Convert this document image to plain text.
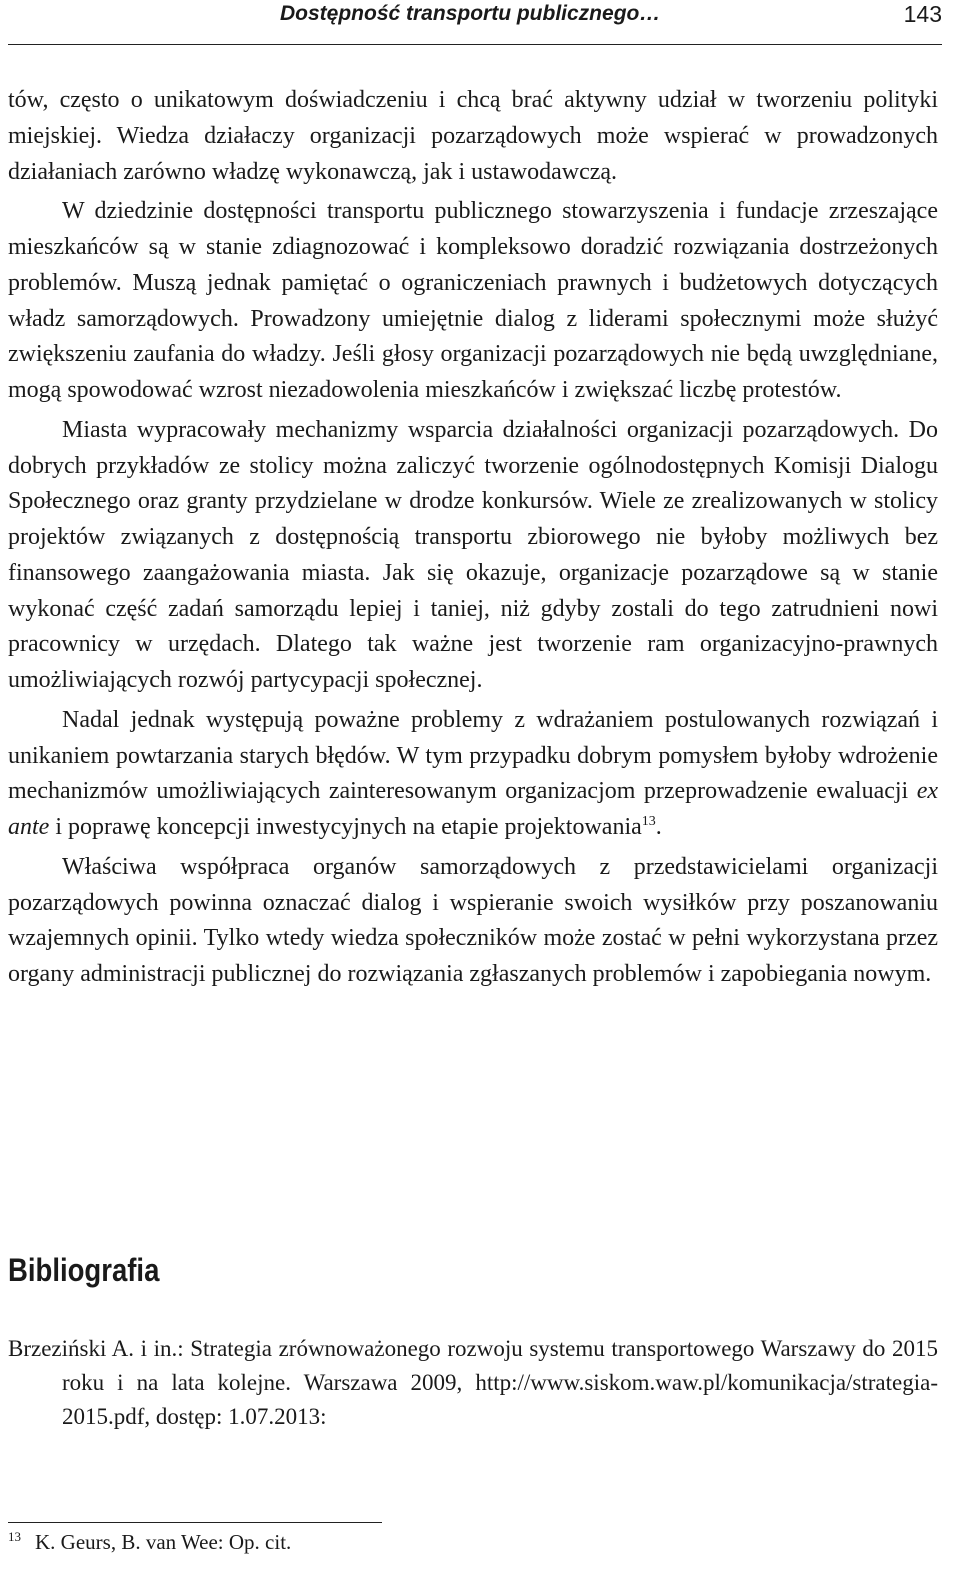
Dostępność transportu publicznego…	143

tów, często o unikatowym doświadczeniu i chcą brać aktywny udział w tworzeniu polityki miejskiej. Wiedza działaczy organizacji pozarządowych może wspierać w prowadzonych działaniach zarówno władzę wykonawczą, jak i ustawodawczą.

W dziedzinie dostępności transportu publicznego stowarzyszenia i fundacje zrzeszające mieszkańców są w stanie zdiagnozować i kompleksowo doradzić rozwiązania dostrzeżonych problemów. Muszą jednak pamiętać o ograniczeniach prawnych i budżetowych dotyczących władz samorządowych. Prowadzony umiejętnie dialog z liderami społecznymi może służyć zwiększeniu zaufania do władzy. Jeśli głosy organizacji pozarządowych nie będą uwzględniane, mogą spowodować wzrost niezadowolenia mieszkańców i zwiększać liczbę protestów.

Miasta wypracowały mechanizmy wsparcia działalności organizacji pozarządowych. Do dobrych przykładów ze stolicy można zaliczyć tworzenie ogólnodostępnych Komisji Dialogu Społecznego oraz granty przydzielane w drodze konkursów. Wiele ze zrealizowanych w stolicy projektów związanych z dostępnością transportu zbiorowego nie byłoby możliwych bez finansowego zaangażowania miasta. Jak się okazuje, organizacje pozarządowe są w stanie wykonać część zadań samorządu lepiej i taniej, niż gdyby zostali do tego zatrudnieni nowi pracownicy w urzędach. Dlatego tak ważne jest tworzenie ram organizacyjno-prawnych umożliwiających rozwój partycypacji społecznej.

Nadal jednak występują poważne problemy z wdrażaniem postulowanych rozwiązań i unikaniem powtarzania starych błędów. W tym przypadku dobrym pomysłem byłoby wdrożenie mechanizmów umożliwiających zainteresowanym organizacjom przeprowadzenie ewaluacji ex ante i poprawę koncepcji inwestycyjnych na etapie projektowania$^{13}$.

Właściwa współpraca organów samorządowych z przedstawicielami organizacji pozarządowych powinna oznaczać dialog i wspieranie swoich wysiłków przy poszanowaniu wzajemnych opinii. Tylko wtedy wiedza społeczników może zostać w pełni wykorzystana przez organy administracji publicznej do rozwiązania zgłaszanych problemów i zapobiegania nowym.

Bibliografia

Brzeziński A. i in.: Strategia zrównoważonego rozwoju systemu transportowego Warszawy do 2015 roku i na lata kolejne. Warszawa 2009, http://www.siskom.waw.pl/komunikacja/strategia-2015.pdf, dostęp: 1.07.2013:

$^{13}$ K. Geurs, B. van Wee: Op. cit.
